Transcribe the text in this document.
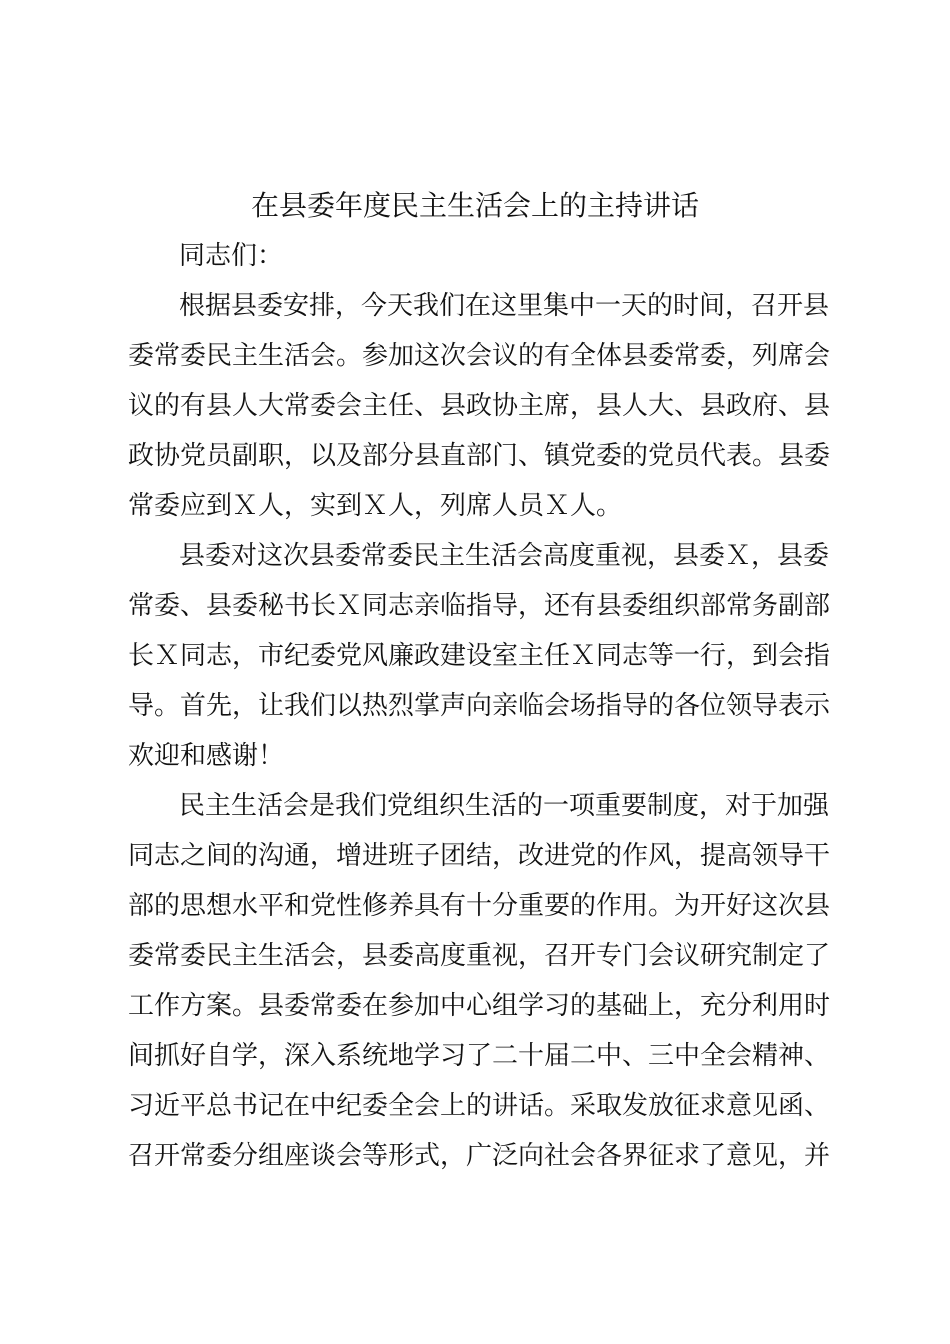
在县委年度民主生活会上的主持讲话
同志们：
根据县委安排，今天我们在这里集中一天的时间，召开县
委常委民主生活会。参加这次会议的有全体县委常委，列席会
议的有县人大常委会主任、县政协主席，县人大、县政府、县
政协党员副职，以及部分县直部门、镇党委的党员代表。县委
常委应到Ｘ人，实到Ｘ人，列席人员Ｘ人。
县委对这次县委常委民主生活会高度重视，县委Ｘ，县委
常委、县委秘书长Ｘ同志亲临指导，还有县委组织部常务副部
长Ｘ同志，市纪委党风廉政建设室主任Ｘ同志等一行，到会指
导。首先，让我们以热烈掌声向亲临会场指导的各位领导表示
欢迎和感谢！
民主生活会是我们党组织生活的一项重要制度，对于加强
同志之间的沟通，增进班子团结，改进党的作风，提高领导干
部的思想水平和党性修养具有十分重要的作用。为开好这次县
委常委民主生活会，县委高度重视，召开专门会议研究制定了
工作方案。县委常委在参加中心组学习的基础上，充分利用时
间抓好自学，深入系统地学习了二十届二中、三中全会精神、
习近平总书记在中纪委全会上的讲话。采取发放征求意见函、
召开常委分组座谈会等形式，广泛向社会各界征求了意见，并
